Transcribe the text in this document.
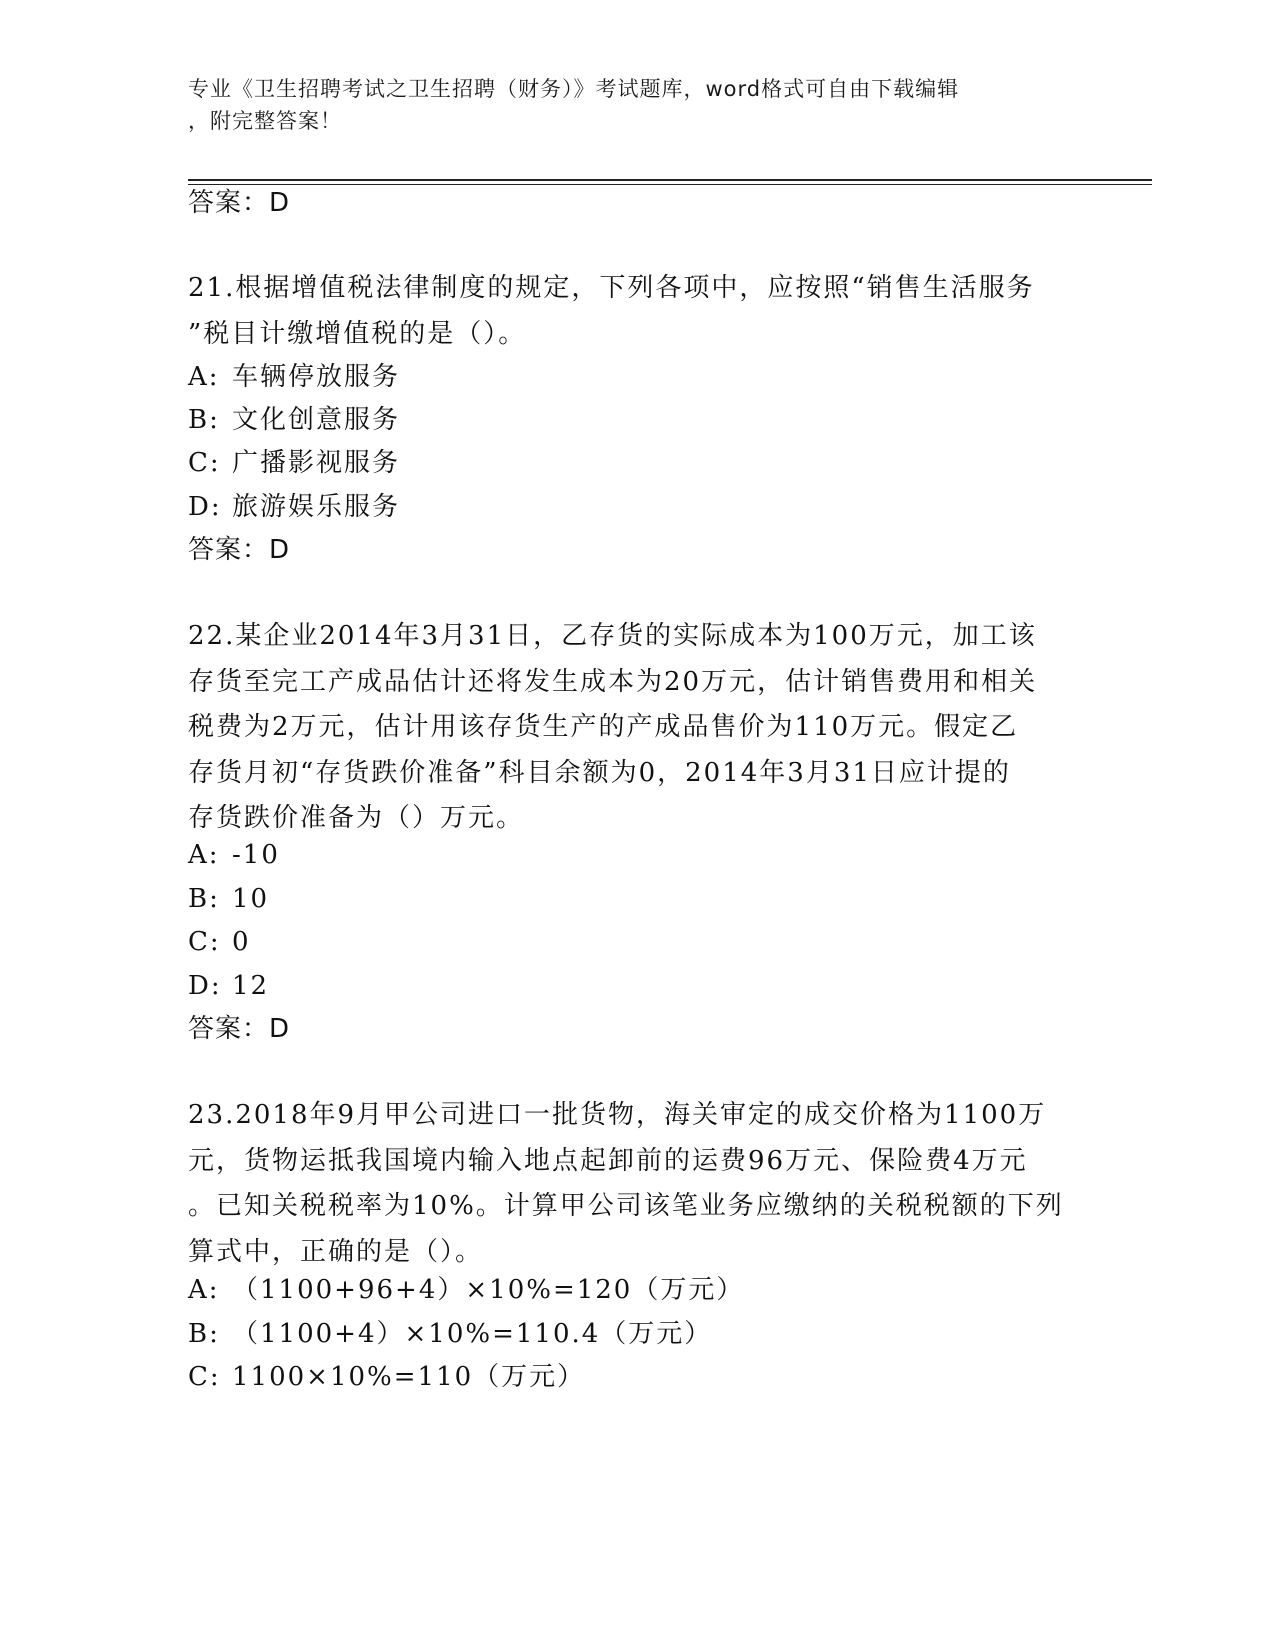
专业《卫生招聘考试之卫生招聘（财务）》考试题库，word格式可自由下载编辑
，附完整答案！
答案：D
21.根据增值税法律制度的规定，下列各项中，应按照“销售生活服务
”税目计缴增值税的是（）。
A: 车辆停放服务
B: 文化创意服务
C: 广播影视服务
D: 旅游娱乐服务
答案：D
22.某企业2014年3月31日，乙存货的实际成本为100万元，加工该
存货至完工产成品估计还将发生成本为20万元，估计销售费用和相关
税费为2万元，估计用该存货生产的产成品售价为110万元。假定乙
存货月初“存货跌价准备”科目余额为0，2014年3月31日应计提的
存货跌价准备为（）万元。
A: -10
B: 10
C: 0
D: 12
答案：D
23.2018年9月甲公司进口一批货物，海关审定的成交价格为1100万
元，货物运抵我国境内输入地点起卸前的运费96万元、保险费4万元
。已知关税税率为10%。计算甲公司该笔业务应缴纳的关税税额的下列
算式中，正确的是（）。
A: （1100+96+4）×10%=120（万元）
B: （1100+4）×10%=110.4（万元）
C: 1100×10%=110（万元）
